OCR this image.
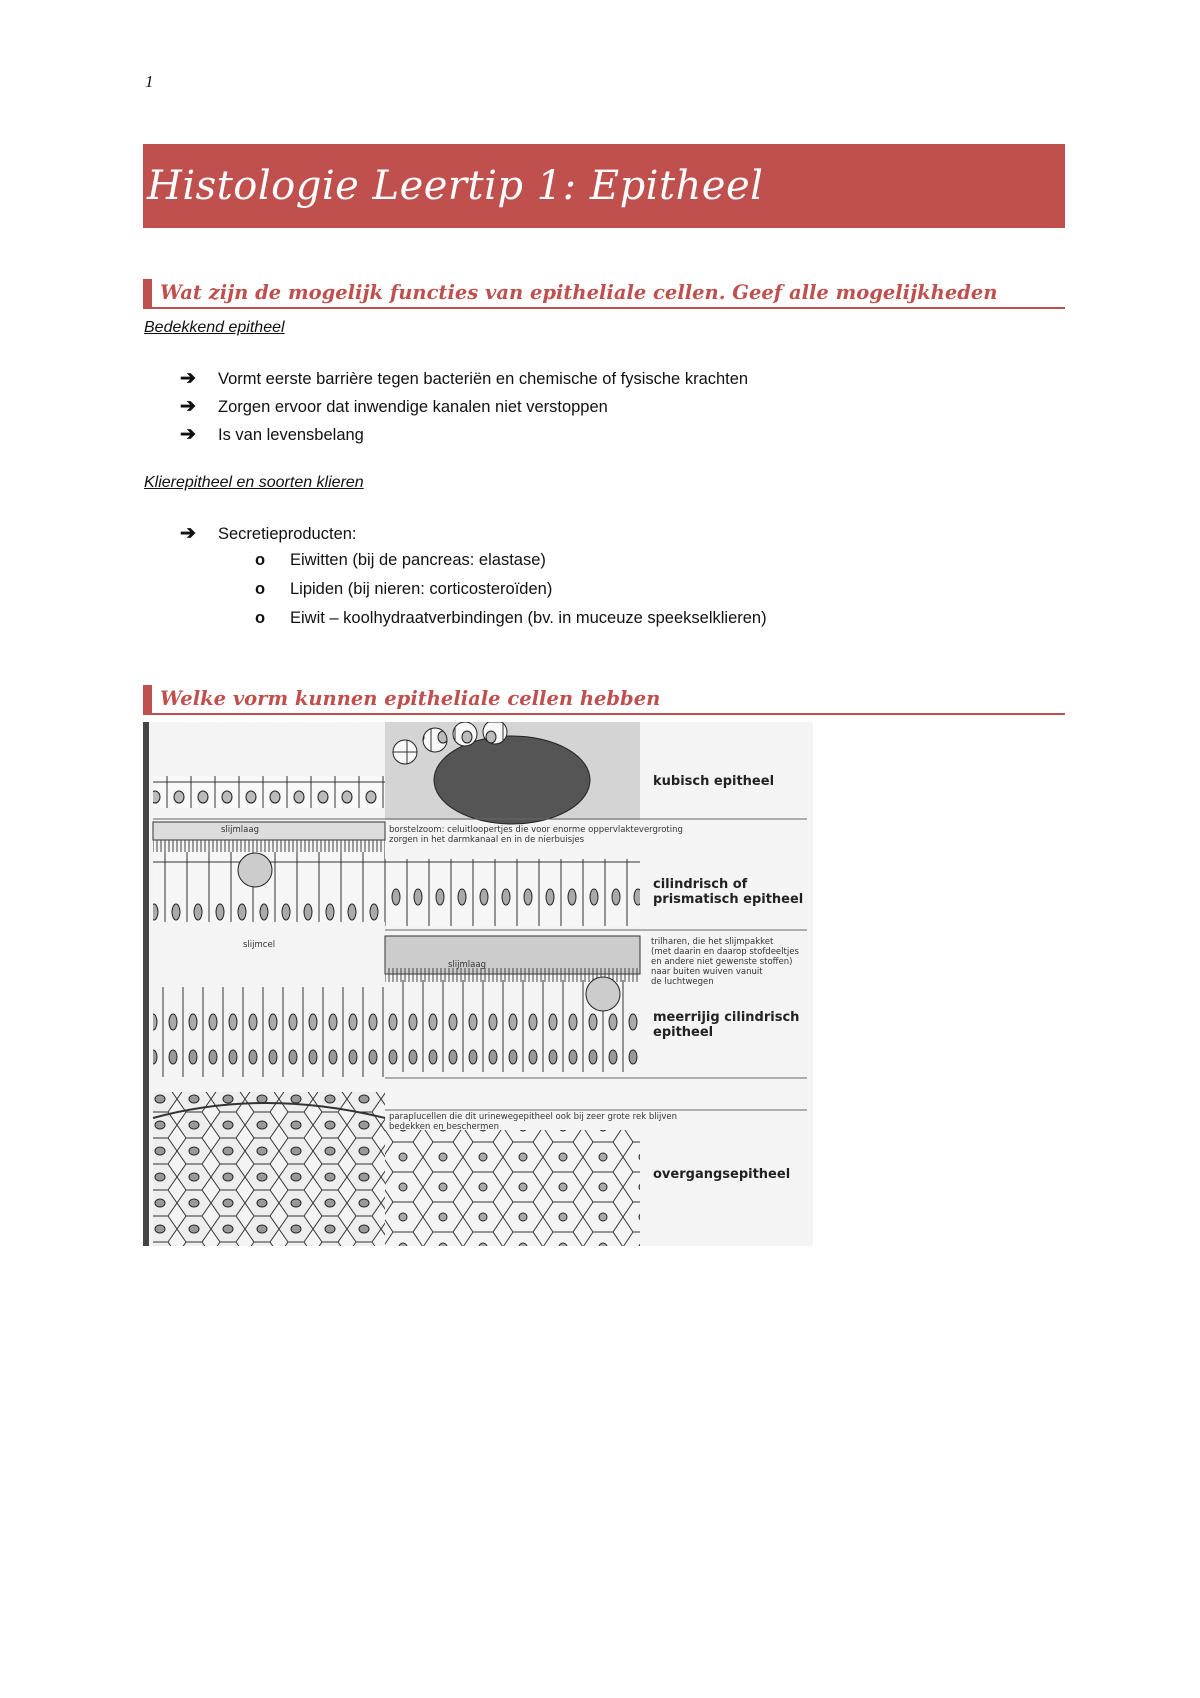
1
Histologie Leertip 1: Epitheel
Wat zijn de mogelijk functies van epitheliale cellen. Geef alle mogelijkheden
Bedekkend epitheel
➔ Vormt eerste barrière tegen bacteriën en chemische of fysische krachten
➔ Zorgen ervoor dat inwendige kanalen niet verstoppen
➔ Is van levensbelang
Klierepitheel en soorten klieren
➔ Secretieproducten:
o Eiwitten (bij de pancreas: elastase)
o Lipiden (bij nieren: corticosteroïden)
o Eiwit – koolhydraatverbindingen (bv. in muceuze speekselklieren)
Welke vorm kunnen epitheliale cellen hebben
kubisch epitheel
cilindrisch of
prismatisch epitheel
meerrijig cilindrisch
epitheel
overgangsepitheel
borstelzoom: celuitloopertjes die voor enorme oppervlaktevergroting
zorgen in het darmkanaal en in de nierbuisjes
trilharen, die het slijmpakket
(met daarin en daarop stofdeeltjes
en andere niet gewenste stoffen)
naar buiten wuiven vanuit
de luchtwegen
paraplucellen die dit urinewegepitheel ook bij zeer grote rek blijven
bedekken en beschermen
slijmlaag
slijmcel
slijmlaag
